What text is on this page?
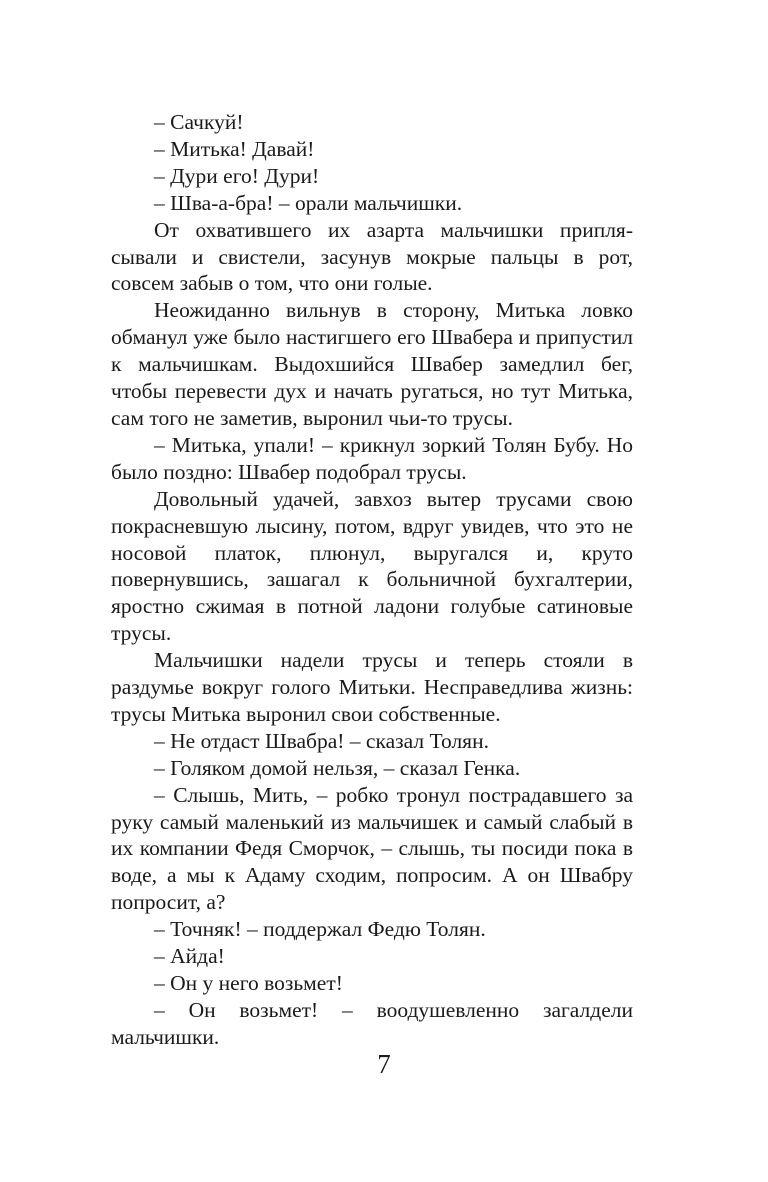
– Сачкуй!

– Митька! Давай!

– Дури его! Дури!

– Шва-а-бра! – орали мальчишки.

От охватившего их азарта мальчишки приплясывали и свистели, засунув мокрые пальцы в рот, совсем забыв о том, что они голые.

Неожиданно вильнув в сторону, Митька ловко обманул уже было настигшего его Швабера и припустил к мальчишкам. Выдохшийся Швабер замедлил бег, чтобы перевести дух и начать ругаться, но тут Митька, сам того не заметив, выронил чьи-то трусы.

– Митька, упали! – крикнул зоркий Толян Бубу. Но было поздно: Швабер подобрал трусы.

Довольный удачей, завхоз вытер трусами свою покрасневшую лысину, потом, вдруг увидев, что это не носовой платок, плюнул, выругался и, круто повернувшись, зашагал к больничной бухгалтерии, яростно сжимая в потной ладони голубые сатиновые трусы.

Мальчишки надели трусы и теперь стояли в раздумье вокруг голого Митьки. Несправедлива жизнь: трусы Митька выронил свои собственные.

– Не отдаст Швабра! – сказал Толян.

– Голяком домой нельзя, – сказал Генка.

– Слышь, Мить, – робко тронул пострадавшего за руку самый маленький из мальчишек и самый слабый в их компании Федя Сморчок, – слышь, ты посиди пока в воде, а мы к Адаму сходим, попросим. А он Швабру попросит, а?

– Точняк! – поддержал Федю Толян.

– Айда!

– Он у него возьмет!

– Он возьмет! – воодушевленно загалдели мальчишки.

7
